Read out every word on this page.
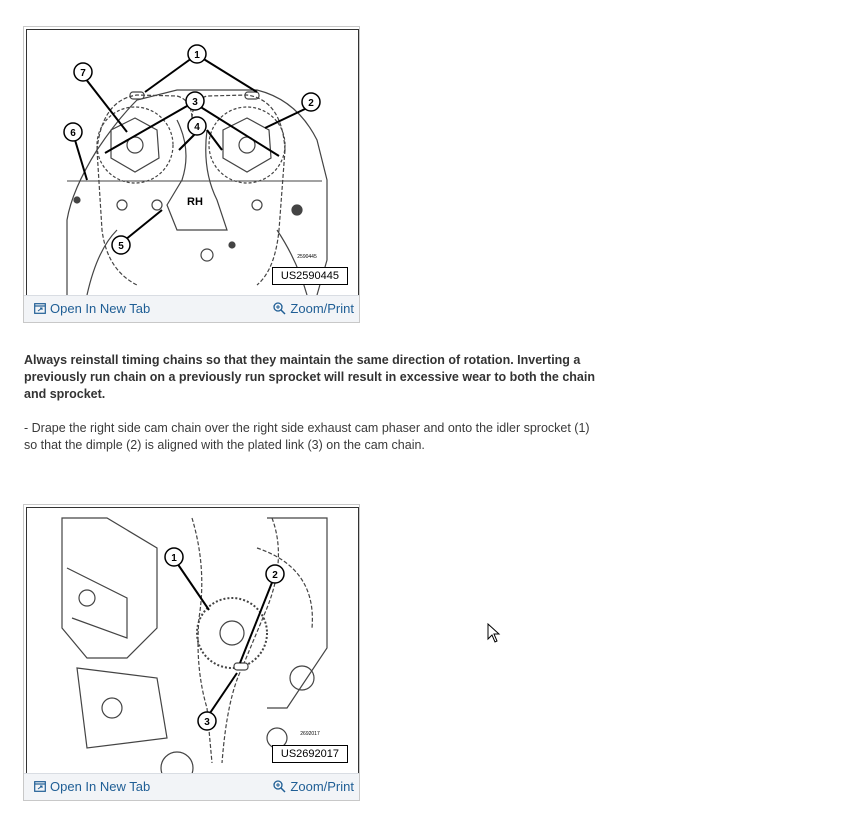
1
7
2
3
4
6
5
RH
2590445
US2590445
Open In New Tab	Zoom/Print
Always reinstall timing chains so that they maintain the same direction of rotation. Inverting a previously run chain on a previously run sprocket will result in excessive wear to both the chain and sprocket.
- Drape the right side cam chain over the right side exhaust cam phaser and onto the idler sprocket (1) so that the dimple (2) is aligned with the plated link (3) on the cam chain.
1
2
3
2692017
US2692017
Open In New Tab	Zoom/Print
